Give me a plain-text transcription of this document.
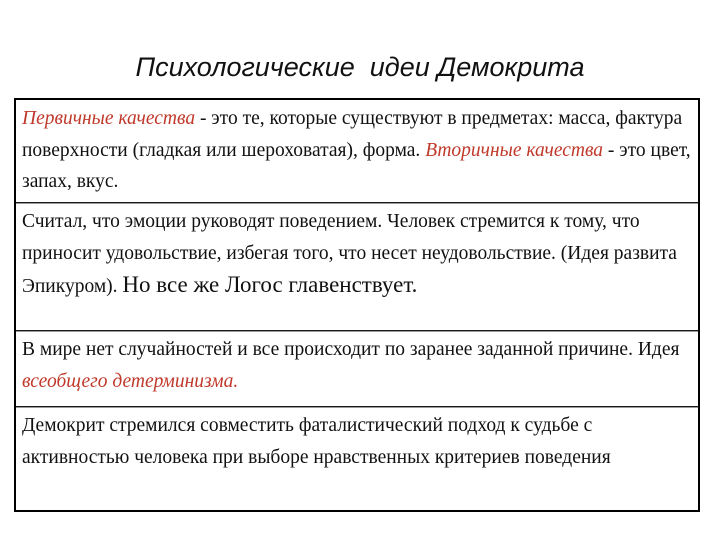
Психологические  идеи Демокрита
Первичные качества - это те, которые существуют в предметах: масса, фактура поверхности (гладкая или шероховатая), форма. Вторичные качества - это цвет, запах, вкус.
Считал, что эмоции руководят поведением. Человек стремится к тому, что приносит удовольствие, избегая того, что несет неудовольствие. (Идея развита Эпикуром). Но все же Логос главенствует.
В мире нет случайностей и все происходит по заранее заданной причине. Идея всеобщего детерминизма.
Демокрит стремился совместить фаталистический подход к судьбе с активностью человека при выборе нравственных критериев поведения
